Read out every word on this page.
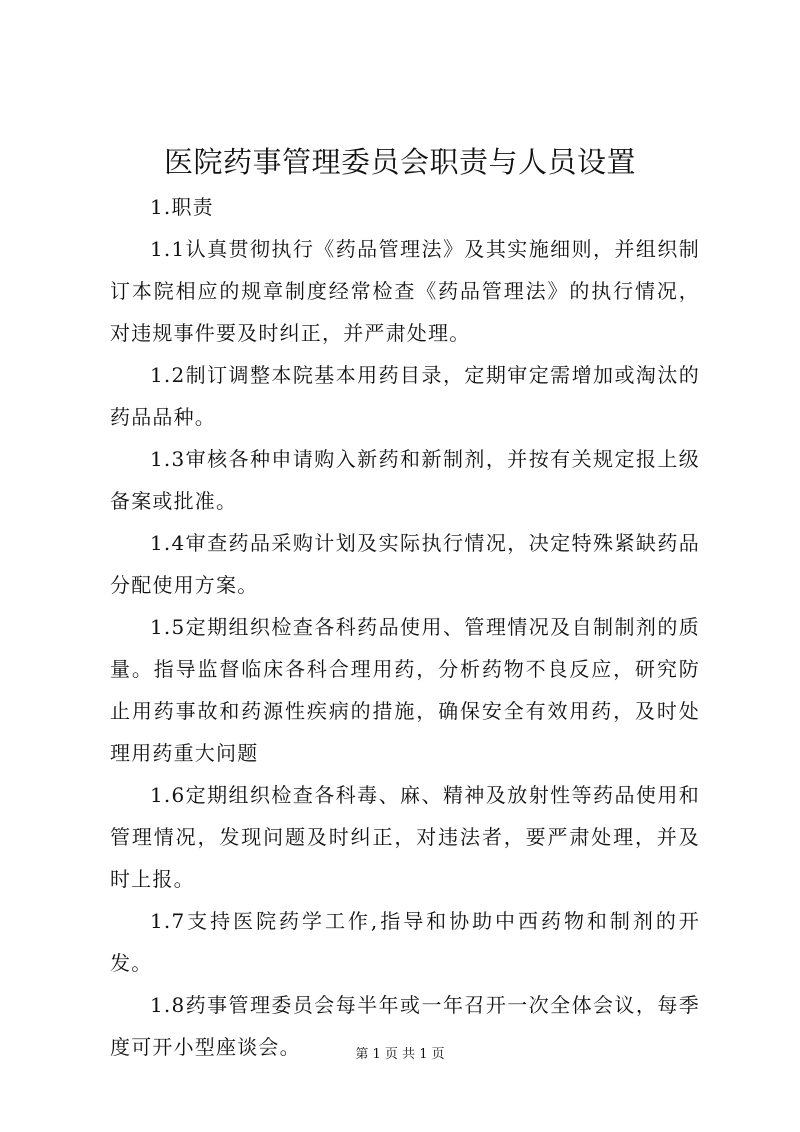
医院药事管理委员会职责与人员设置

1.职责

1.1认真贯彻执行《药品管理法》及其实施细则，并组织制订本院相应的规章制度经常检查《药品管理法》的执行情况，对违规事件要及时纠正，并严肃处理。

1.2制订调整本院基本用药目录，定期审定需增加或淘汰的药品品种。

1.3审核各种申请购入新药和新制剂，并按有关规定报上级备案或批准。

1.4审查药品采购计划及实际执行情况，决定特殊紧缺药品分配使用方案。

1.5定期组织检查各科药品使用、管理情况及自制制剂的质量。指导监督临床各科合理用药，分析药物不良反应，研究防止用药事故和药源性疾病的措施，确保安全有效用药，及时处理用药重大问题

1.6定期组织检查各科毒、麻、精神及放射性等药品使用和管理情况，发现问题及时纠正，对违法者，要严肃处理，并及时上报。

1.7支持医院药学工作,指导和协助中西药物和制剂的开发。

1.8药事管理委员会每半年或一年召开一次全体会议，每季度可开小型座谈会。	第 1 页 共 1 页
